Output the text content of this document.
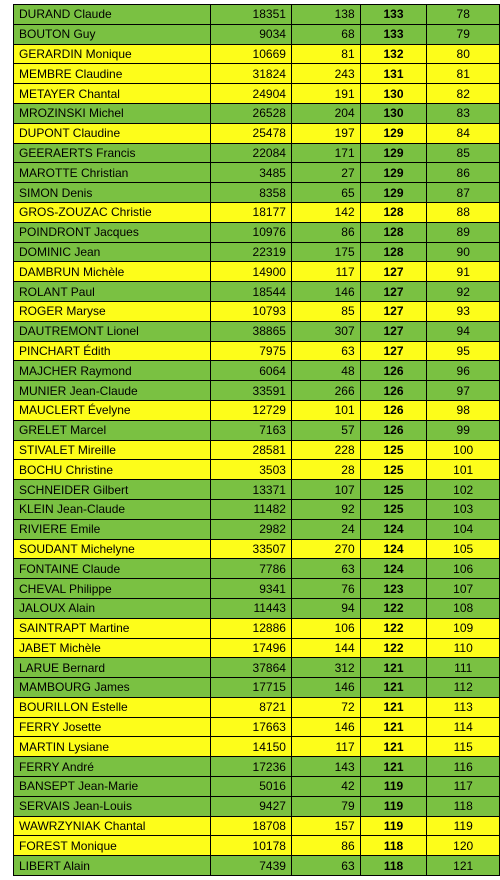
DURAND Claude	18351	138	133	78
BOUTON Guy	9034	68	133	79
GERARDIN Monique	10669	81	132	80
MEMBRE Claudine	31824	243	131	81
METAYER Chantal	24904	191	130	82
MROZINSKI Michel	26528	204	130	83
DUPONT Claudine	25478	197	129	84
GEERAERTS Francis	22084	171	129	85
MAROTTE Christian	3485	27	129	86
SIMON Denis	8358	65	129	87
GROS-ZOUZAC Christie	18177	142	128	88
POINDRONT Jacques	10976	86	128	89
DOMINIC Jean	22319	175	128	90
DAMBRUN Michèle	14900	117	127	91
ROLANT Paul	18544	146	127	92
ROGER Maryse	10793	85	127	93
DAUTREMONT Lionel	38865	307	127	94
PINCHART Édith	7975	63	127	95
MAJCHER Raymond	6064	48	126	96
MUNIER Jean-Claude	33591	266	126	97
MAUCLERT Évelyne	12729	101	126	98
GRELET Marcel	7163	57	126	99
STIVALET Mireille	28581	228	125	100
BOCHU Christine	3503	28	125	101
SCHNEIDER Gilbert	13371	107	125	102
KLEIN Jean-Claude	11482	92	125	103
RIVIERE Emile	2982	24	124	104
SOUDANT Michelyne	33507	270	124	105
FONTAINE Claude	7786	63	124	106
CHEVAL Philippe	9341	76	123	107
JALOUX Alain	11443	94	122	108
SAINTRAPT Martine	12886	106	122	109
JABET Michèle	17496	144	122	110
LARUE Bernard	37864	312	121	111
MAMBOURG James	17715	146	121	112
BOURILLON Estelle	8721	72	121	113
FERRY Josette	17663	146	121	114
MARTIN Lysiane	14150	117	121	115
FERRY André	17236	143	121	116
BANSEPT Jean-Marie	5016	42	119	117
SERVAIS Jean-Louis	9427	79	119	118
WAWRZYNIAK Chantal	18708	157	119	119
FOREST Monique	10178	86	118	120
LIBERT Alain	7439	63	118	121
